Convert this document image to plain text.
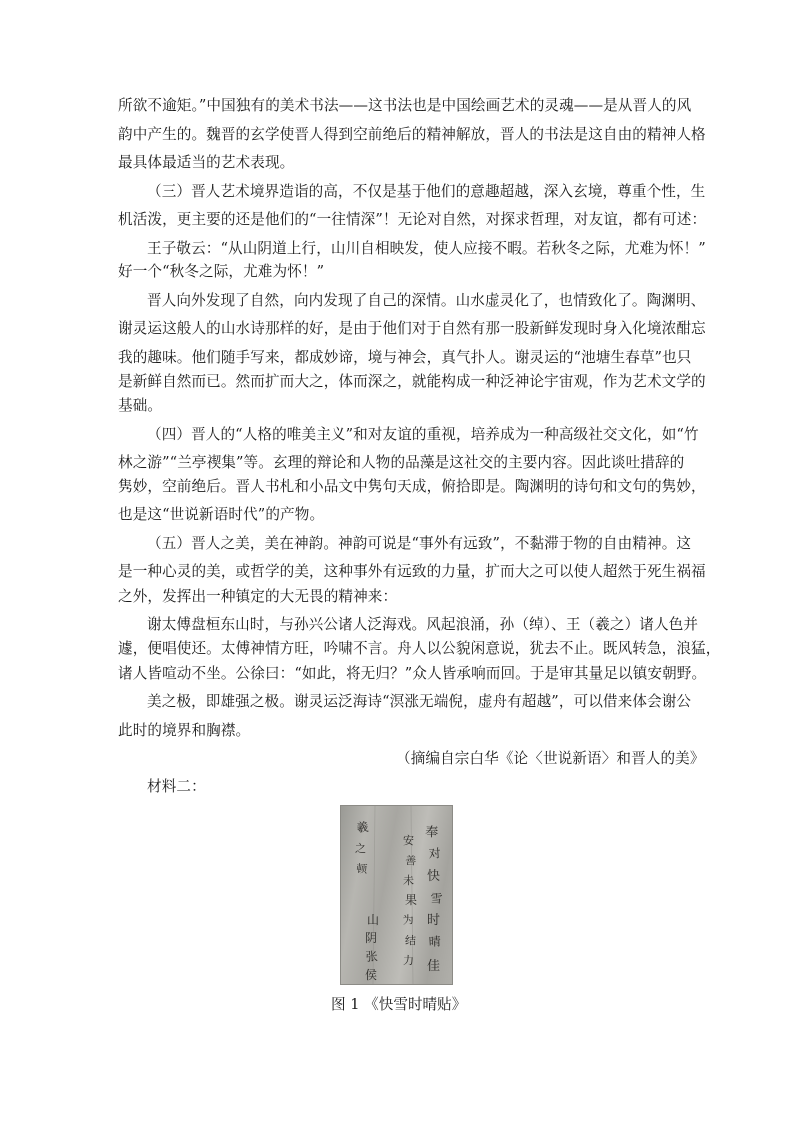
所欲不逾矩。”中国独有的美术书法——这书法也是中国绘画艺术的灵魂——是从晋人的风
韵中产生的。魏晋的玄学使晋人得到空前绝后的精神解放，晋人的书法是这自由的精神人格
最具体最适当的艺术表现。
（三）晋人艺术境界造诣的高，不仅是基于他们的意趣超越，深入玄境，尊重个性，生
机活泼，更主要的还是他们的“一往情深”！无论对自然，对探求哲理，对友谊，都有可述：
王子敬云：“从山阴道上行，山川自相映发，使人应接不暇。若秋冬之际，尤难为怀！”
好一个“秋冬之际，尤难为怀！”
晋人向外发现了自然，向内发现了自己的深情。山水虚灵化了，也情致化了。陶渊明、
谢灵运这般人的山水诗那样的好，是由于他们对于自然有那一股新鲜发现时身入化境浓酣忘
我的趣味。他们随手写来，都成妙谛，境与神会，真气扑人。谢灵运的“池塘生春草”也只
是新鲜自然而已。然而扩而大之，体而深之，就能构成一种泛神论宇宙观，作为艺术文学的
基础。
（四）晋人的“人格的唯美主义”和对友谊的重视，培养成为一种高级社交文化，如“竹
林之游”“兰亭禊集”等。玄理的辩论和人物的品藻是这社交的主要内容。因此谈吐措辞的
隽妙，空前绝后。晋人书札和小品文中隽句天成，俯拾即是。陶渊明的诗句和文句的隽妙，
也是这“世说新语时代”的产物。
（五）晋人之美，美在神韵。神韵可说是“事外有远致”，不黏滞于物的自由精神。这
是一种心灵的美，或哲学的美，这种事外有远致的力量，扩而大之可以使人超然于死生祸福
之外，发挥出一种镇定的大无畏的精神来：
谢太傅盘桓东山时，与孙兴公诸人泛海戏。风起浪涌，孙（绰）、王（羲之）诸人色并
遽，便唱使还。太傅神情方旺，吟啸不言。舟人以公貌闲意说，犹去不止。既风转急，浪猛，
诸人皆喧动不坐。公徐曰：“如此，将无归？”众人皆承响而回。于是审其量足以镇安朝野。
美之极，即雄强之极。谢灵运泛海诗“溟涨无端倪，虚舟有超越”，可以借来体会谢公
此时的境界和胸襟。
（摘编自宗白华《论〈世说新语〉和晋人的美》
材料二：
奉
对
快
雪
时
晴
佳
安
善
未
果
为
结
力
羲
之
顿
山
阴
张
侯
图 1 《快雪时晴贴》
